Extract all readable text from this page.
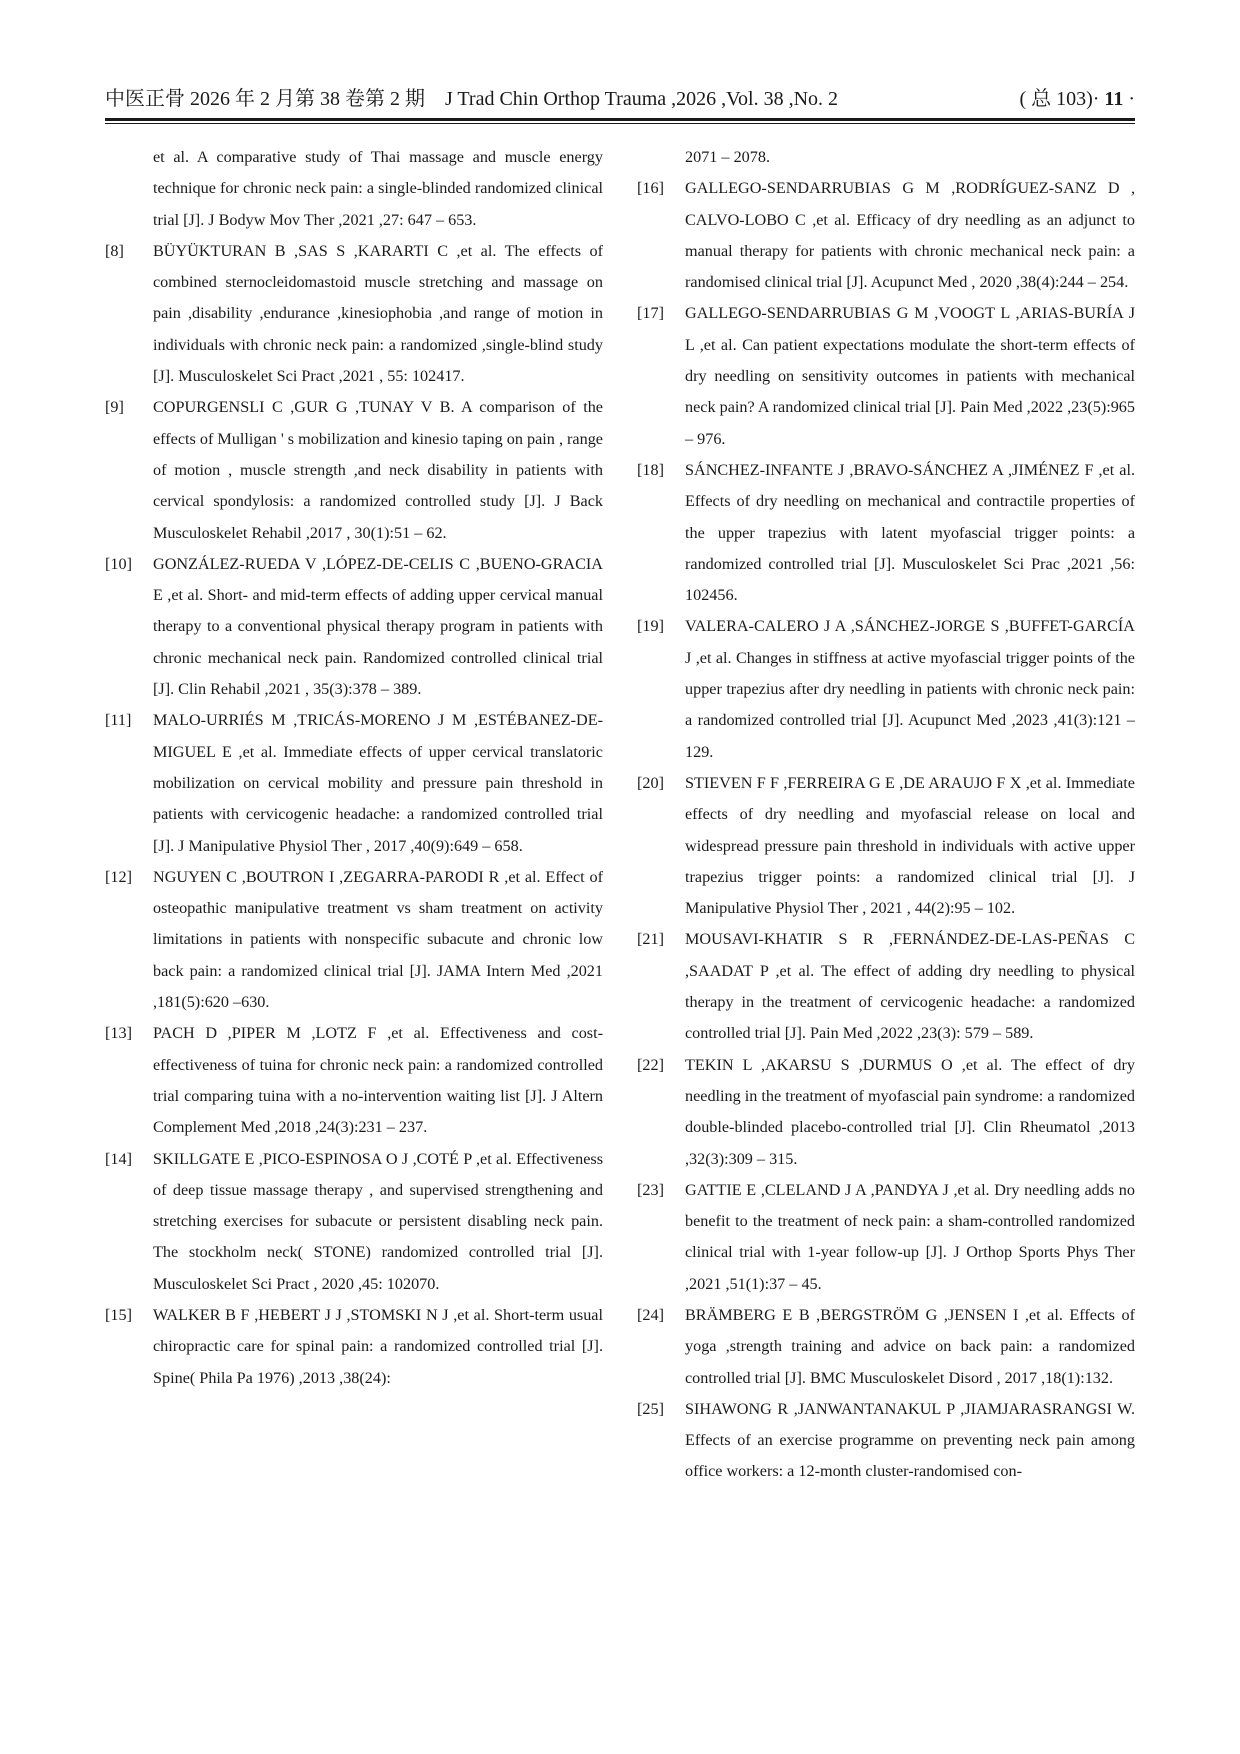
中医正骨 2026 年 2 月第 38 卷第 2 期　J Trad Chin Orthop Trauma ,2026 ,Vol. 38 ,No. 2	( 总 103)· 11 ·
et al. A comparative study of Thai massage and muscle energy technique for chronic neck pain: a single-blinded randomized clinical trial [J]. J Bodyw Mov Ther ,2021 ,27: 647 – 653.
[8] BÜYÜKTURAN B ,SAS S ,KARARTI C ,et al. The effects of combined sternocleidomastoid muscle stretching and massage on pain ,disability ,endurance ,kinesiophobia ,and range of motion in individuals with chronic neck pain: a randomized ,single-blind study [J]. Musculoskelet Sci Pract ,2021 , 55: 102417.
[9] COPURGENSLI C ,GUR G ,TUNAY V B. A comparison of the effects of Mulligan ' s mobilization and kinesio taping on pain , range of motion , muscle strength ,and neck disability in patients with cervical spondylosis: a randomized controlled study [J]. J Back Musculoskelet Rehabil ,2017 , 30(1):51 – 62.
[10] GONZÁLEZ-RUEDA V ,LÓPEZ-DE-CELIS C ,BUENO-GRACIA E ,et al. Short- and mid-term effects of adding upper cervical manual therapy to a conventional physical therapy program in patients with chronic mechanical neck pain. Randomized controlled clinical trial [J]. Clin Rehabil ,2021 , 35(3):378 – 389.
[11] MALO-URRIÉS M ,TRICÁS-MORENO J M ,ESTÉBANEZ-DE-MIGUEL E ,et al. Immediate effects of upper cervical translatoric mobilization on cervical mobility and pressure pain threshold in patients with cervicogenic headache: a randomized controlled trial [J]. J Manipulative Physiol Ther , 2017 ,40(9):649 – 658.
[12] NGUYEN C ,BOUTRON I ,ZEGARRA-PARODI R ,et al. Effect of osteopathic manipulative treatment vs sham treatment on activity limitations in patients with nonspecific subacute and chronic low back pain: a randomized clinical trial [J]. JAMA Intern Med ,2021 ,181(5):620 –630.
[13] PACH D ,PIPER M ,LOTZ F ,et al. Effectiveness and cost-effectiveness of tuina for chronic neck pain: a randomized controlled trial comparing tuina with a no-intervention waiting list [J]. J Altern Complement Med ,2018 ,24(3):231 – 237.
[14] SKILLGATE E ,PICO-ESPINOSA O J ,COTÉ P ,et al. Effectiveness of deep tissue massage therapy , and supervised strengthening and stretching exercises for subacute or persistent disabling neck pain. The stockholm neck( STONE) randomized controlled trial [J]. Musculoskelet Sci Pract , 2020 ,45: 102070.
[15] WALKER B F ,HEBERT J J ,STOMSKI N J ,et al. Short-term usual chiropractic care for spinal pain: a randomized controlled trial [J]. Spine( Phila Pa 1976) ,2013 ,38(24):
2071 – 2078.
[16] GALLEGO-SENDARRUBIAS G M ,RODRÍGUEZ-SANZ D , CALVO-LOBO C ,et al. Efficacy of dry needling as an adjunct to manual therapy for patients with chronic mechanical neck pain: a randomised clinical trial [J]. Acupunct Med , 2020 ,38(4):244 – 254.
[17] GALLEGO-SENDARRUBIAS G M ,VOOGT L ,ARIAS-BURÍA J L ,et al. Can patient expectations modulate the short-term effects of dry needling on sensitivity outcomes in patients with mechanical neck pain? A randomized clinical trial [J]. Pain Med ,2022 ,23(5):965 – 976.
[18] SÁNCHEZ-INFANTE J ,BRAVO-SÁNCHEZ A ,JIMÉNEZ F ,et al. Effects of dry needling on mechanical and contractile properties of the upper trapezius with latent myofascial trigger points: a randomized controlled trial [J]. Musculoskelet Sci Prac ,2021 ,56: 102456.
[19] VALERA-CALERO J A ,SÁNCHEZ-JORGE S ,BUFFET-GARCÍA J ,et al. Changes in stiffness at active myofascial trigger points of the upper trapezius after dry needling in patients with chronic neck pain: a randomized controlled trial [J]. Acupunct Med ,2023 ,41(3):121 – 129.
[20] STIEVEN F F ,FERREIRA G E ,DE ARAUJO F X ,et al. Immediate effects of dry needling and myofascial release on local and widespread pressure pain threshold in individuals with active upper trapezius trigger points: a randomized clinical trial [J]. J Manipulative Physiol Ther , 2021 , 44(2):95 – 102.
[21] MOUSAVI-KHATIR S R ,FERNÁNDEZ-DE-LAS-PEÑAS C ,SAADAT P ,et al. The effect of adding dry needling to physical therapy in the treatment of cervicogenic headache: a randomized controlled trial [J]. Pain Med ,2022 ,23(3): 579 – 589.
[22] TEKIN L ,AKARSU S ,DURMUS O ,et al. The effect of dry needling in the treatment of myofascial pain syndrome: a randomized double-blinded placebo-controlled trial [J]. Clin Rheumatol ,2013 ,32(3):309 – 315.
[23] GATTIE E ,CLELAND J A ,PANDYA J ,et al. Dry needling adds no benefit to the treatment of neck pain: a sham-controlled randomized clinical trial with 1-year follow-up [J]. J Orthop Sports Phys Ther ,2021 ,51(1):37 – 45.
[24] BRÄMBERG E B ,BERGSTRÖM G ,JENSEN I ,et al. Effects of yoga ,strength training and advice on back pain: a randomized controlled trial [J]. BMC Musculoskelet Disord , 2017 ,18(1):132.
[25] SIHAWONG R ,JANWANTANAKUL P ,JIAMJARASRANGSI W. Effects of an exercise programme on preventing neck pain among office workers: a 12-month cluster-randomised con-
